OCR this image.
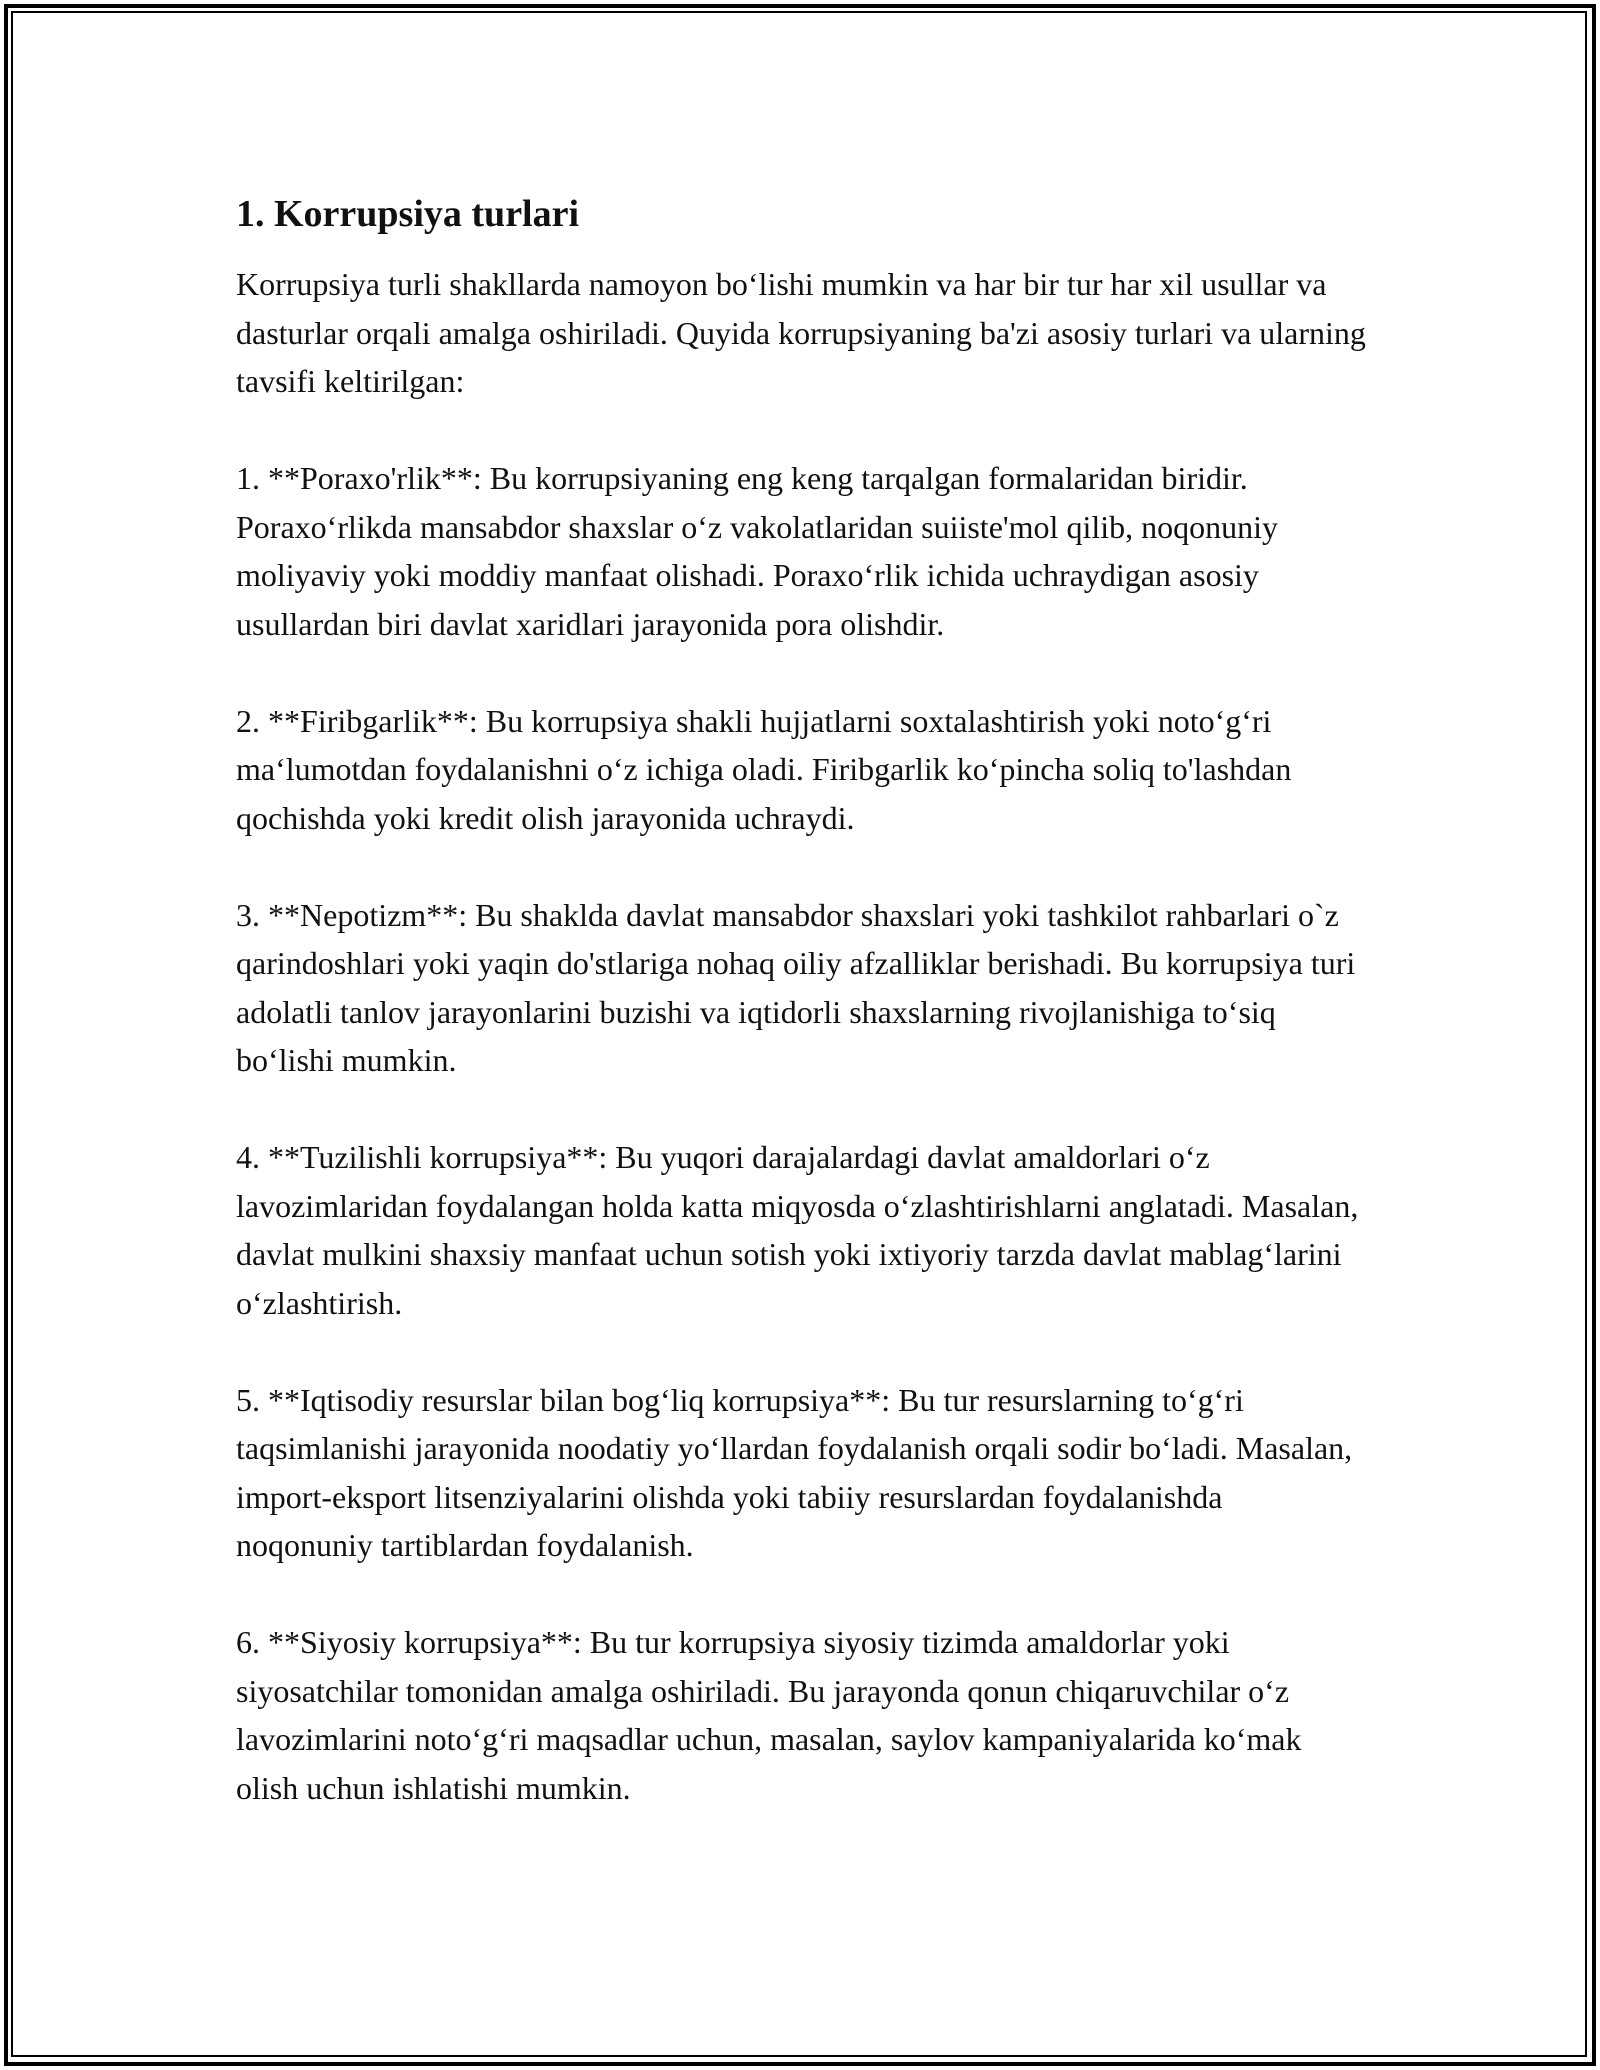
1. Korrupsiya turlari

Korrupsiya turli shakllarda namoyon bo‘lishi mumkin va har bir tur har xil usullar va dasturlar orqali amalga oshiriladi. Quyida korrupsiyaning ba'zi asosiy turlari va ularning tavsifi keltirilgan:

1. **Poraxo'rlik**: Bu korrupsiyaning eng keng tarqalgan formalaridan biridir. Poraxo‘rlikda mansabdor shaxslar o‘z vakolatlaridan suiiste'mol qilib, noqonuniy moliyaviy yoki moddiy manfaat olishadi. Poraxo‘rlik ichida uchraydigan asosiy usullardan biri davlat xaridlari jarayonida pora olishdir.

2. **Firibgarlik**: Bu korrupsiya shakli hujjatlarni soxtalashtirish yoki noto‘g‘ri ma‘lumotdan foydalanishni o‘z ichiga oladi. Firibgarlik ko‘pincha soliq to'lashdan qochishda yoki kredit olish jarayonida uchraydi.

3. **Nepotizm**: Bu shaklda davlat mansabdor shaxslari yoki tashkilot rahbarlari o`z qarindoshlari yoki yaqin do'stlariga nohaq oiliy afzalliklar berishadi. Bu korrupsiya turi adolatli tanlov jarayonlarini buzishi va iqtidorli shaxslarning rivojlanishiga to‘siq bo‘lishi mumkin.

4. **Tuzilishli korrupsiya**: Bu yuqori darajalardagi davlat amaldorlari o‘z lavozimlaridan foydalangan holda katta miqyosda o‘zlashtirishlarni anglatadi. Masalan, davlat mulkini shaxsiy manfaat uchun sotish yoki ixtiyoriy tarzda davlat mablag‘larini o‘zlashtirish.

5. **Iqtisodiy resurslar bilan bog‘liq korrupsiya**: Bu tur resurslarning to‘g‘ri taqsimlanishi jarayonida noodatiy yo‘llardan foydalanish orqali sodir bo‘ladi. Masalan, import-eksport litsenziyalarini olishda yoki tabiiy resurslardan foydalanishda noqonuniy tartiblardan foydalanish.

6. **Siyosiy korrupsiya**: Bu tur korrupsiya siyosiy tizimda amaldorlar yoki siyosatchilar tomonidan amalga oshiriladi. Bu jarayonda qonun chiqaruvchilar o‘z lavozimlarini noto‘g‘ri maqsadlar uchun, masalan, saylov kampaniyalarida ko‘mak olish uchun ishlatishi mumkin.
